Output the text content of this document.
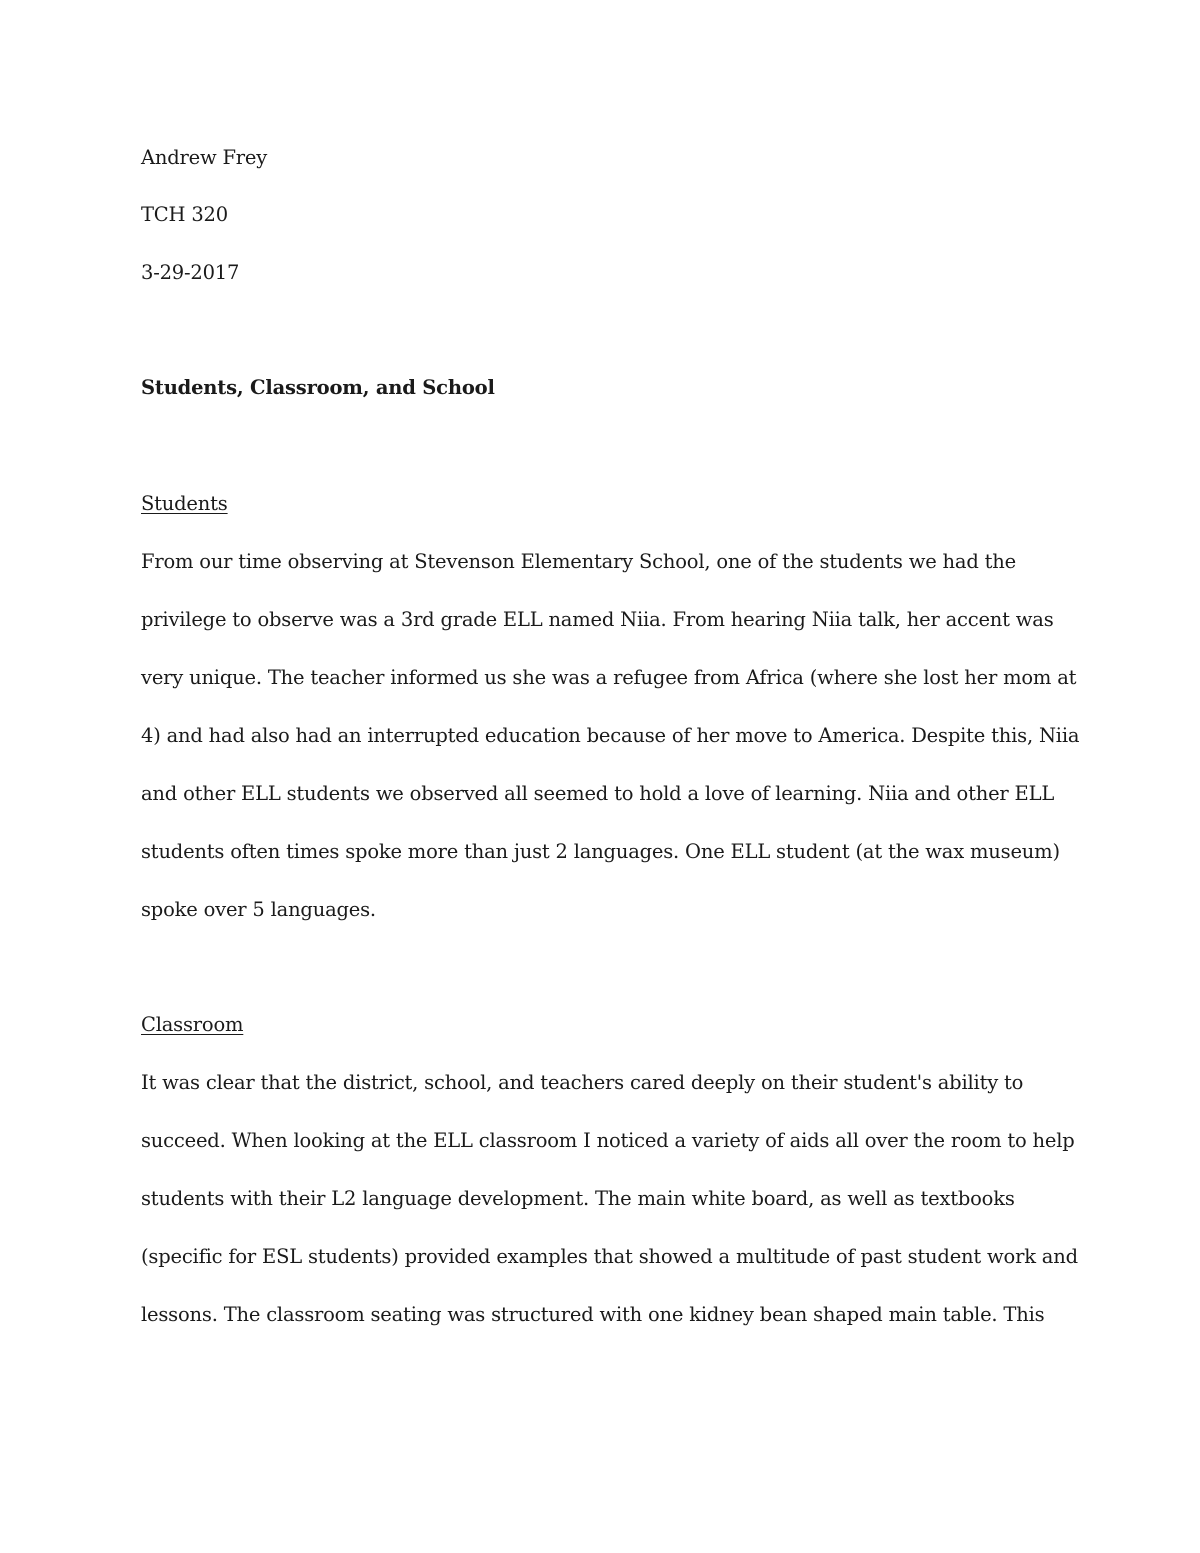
Andrew Frey
TCH 320
3-29-2017
Students, Classroom, and School
Students
From our time observing at Stevenson Elementary School, one of the students we had the
privilege to observe was a 3rd grade ELL named Niia. From hearing Niia talk, her accent was
very unique. The teacher informed us she was a refugee from Africa (where she lost her mom at
4) and had also had an interrupted education because of her move to America. Despite this, Niia
and other ELL students we observed all seemed to hold a love of learning. Niia and other ELL
students often times spoke more than just 2 languages. One ELL student (at the wax museum)
spoke over 5 languages.
Classroom
It was clear that the district, school, and teachers cared deeply on their student's ability to
succeed. When looking at the ELL classroom I noticed a variety of aids all over the room to help
students with their L2 language development. The main white board, as well as textbooks
(specific for ESL students) provided examples that showed a multitude of past student work and
lessons. The classroom seating was structured with one kidney bean shaped main table. This
